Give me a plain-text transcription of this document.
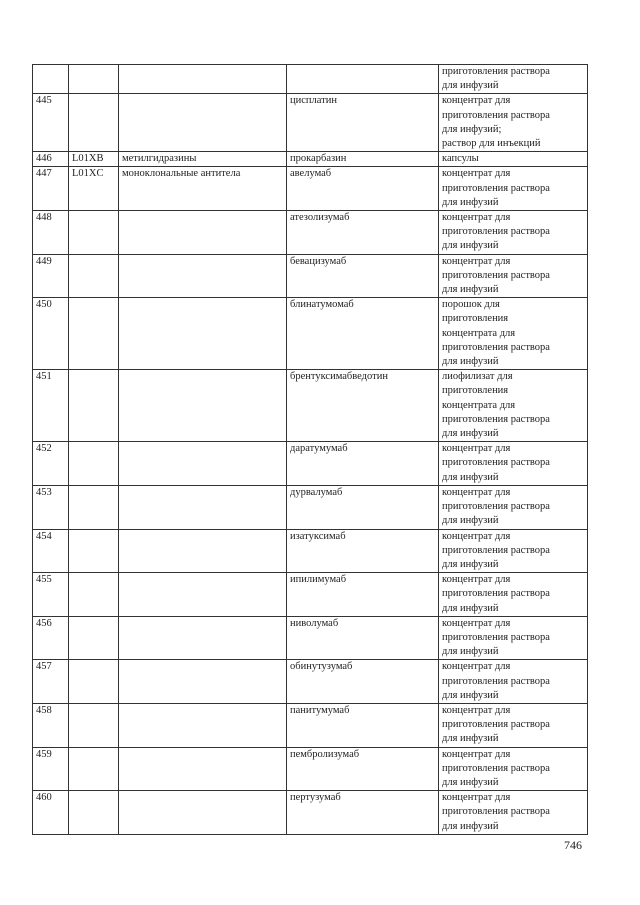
				приготовления раствора
для инфузий
445			цисплатин	концентрат для
приготовления раствора
для инфузий;
раствор для инъекций
446	L01XB	метилгидразины	прокарбазин	капсулы
447	L01XC	моноклональные антитела	авелумаб	концентрат для
приготовления раствора
для инфузий
448			атезолизумаб	концентрат для
приготовления раствора
для инфузий
449			бевацизумаб	концентрат для
приготовления раствора
для инфузий
450			блинатумомаб	порошок для
приготовления
концентрата для
приготовления раствора
для инфузий
451			брентуксимабведотин	лиофилизат для
приготовления
концентрата для
приготовления раствора
для инфузий
452			даратумумаб	концентрат для
приготовления раствора
для инфузий
453			дурвалумаб	концентрат для
приготовления раствора
для инфузий
454			изатуксимаб	концентрат для
приготовления раствора
для инфузий
455			ипилимумаб	концентрат для
приготовления раствора
для инфузий
456			ниволумаб	концентрат для
приготовления раствора
для инфузий
457			обинутузумаб	концентрат для
приготовления раствора
для инфузий
458			панитумумаб	концентрат для
приготовления раствора
для инфузий
459			пембролизумаб	концентрат для
приготовления раствора
для инфузий
460			пертузумаб	концентрат для
приготовления раствора
для инфузий
746
